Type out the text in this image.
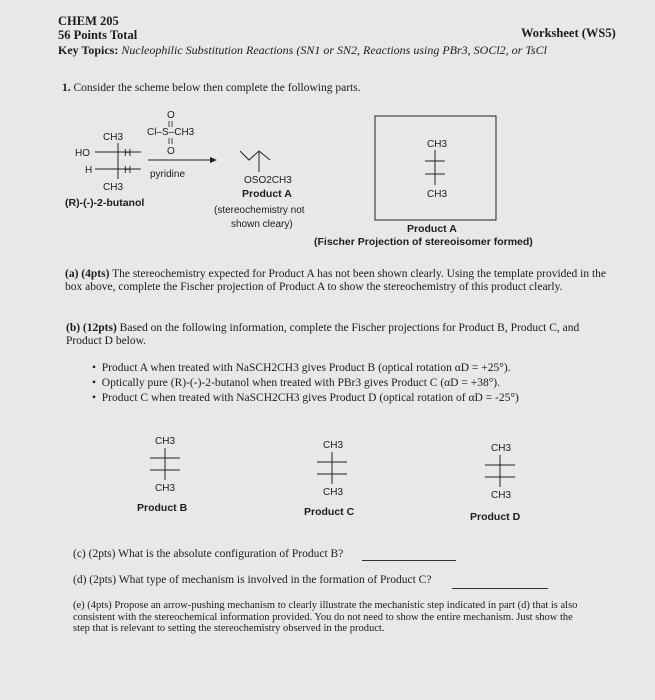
CHEM 205
56 Points Total	Worksheet (WS5)
Key Topics: Nucleophilic Substitution Reactions (SN1 or SN2, Reactions using PBr3, SOCl2, or TsCl
1. Consider the scheme below then complete the following parts.
CH3
HO	H
H	H
CH3
(R)-(-)-2-butanol
O
Cl–S–CH3
O
pyridine
OSO2CH3
Product A
(stereochemistry not
shown cleary)
CH3
CH3
Product A
(Fischer Projection of stereoisomer formed)
(a) (4pts) The stereochemistry expected for Product A has not been shown clearly. Using the template provided in the box above, complete the Fischer projection of Product A to show the stereochemistry of this product clearly.
(b) (12pts) Based on the following information, complete the Fischer projections for Product B, Product C, and Product D below.
•  Product A when treated with NaSCH2CH3 gives Product B (optical rotation αD = +25°).
•  Optically pure (R)-(-)-2-butanol when treated with PBr3 gives Product C (αD = +38°).
•  Product C when treated with NaSCH2CH3 gives Product D (optical rotation of αD = -25°)
CH3
CH3
Product B
CH3
CH3
Product C
CH3
CH3
Product D
(c) (2pts) What is the absolute configuration of Product B?
(d) (2pts) What type of mechanism is involved in the formation of Product C?
(e) (4pts) Propose an arrow-pushing mechanism to clearly illustrate the mechanistic step indicated in part (d) that is also consistent with the stereochemical information provided. You do not need to show the entire mechanism. Just show the step that is relevant to setting the stereochemistry observed in the product.
